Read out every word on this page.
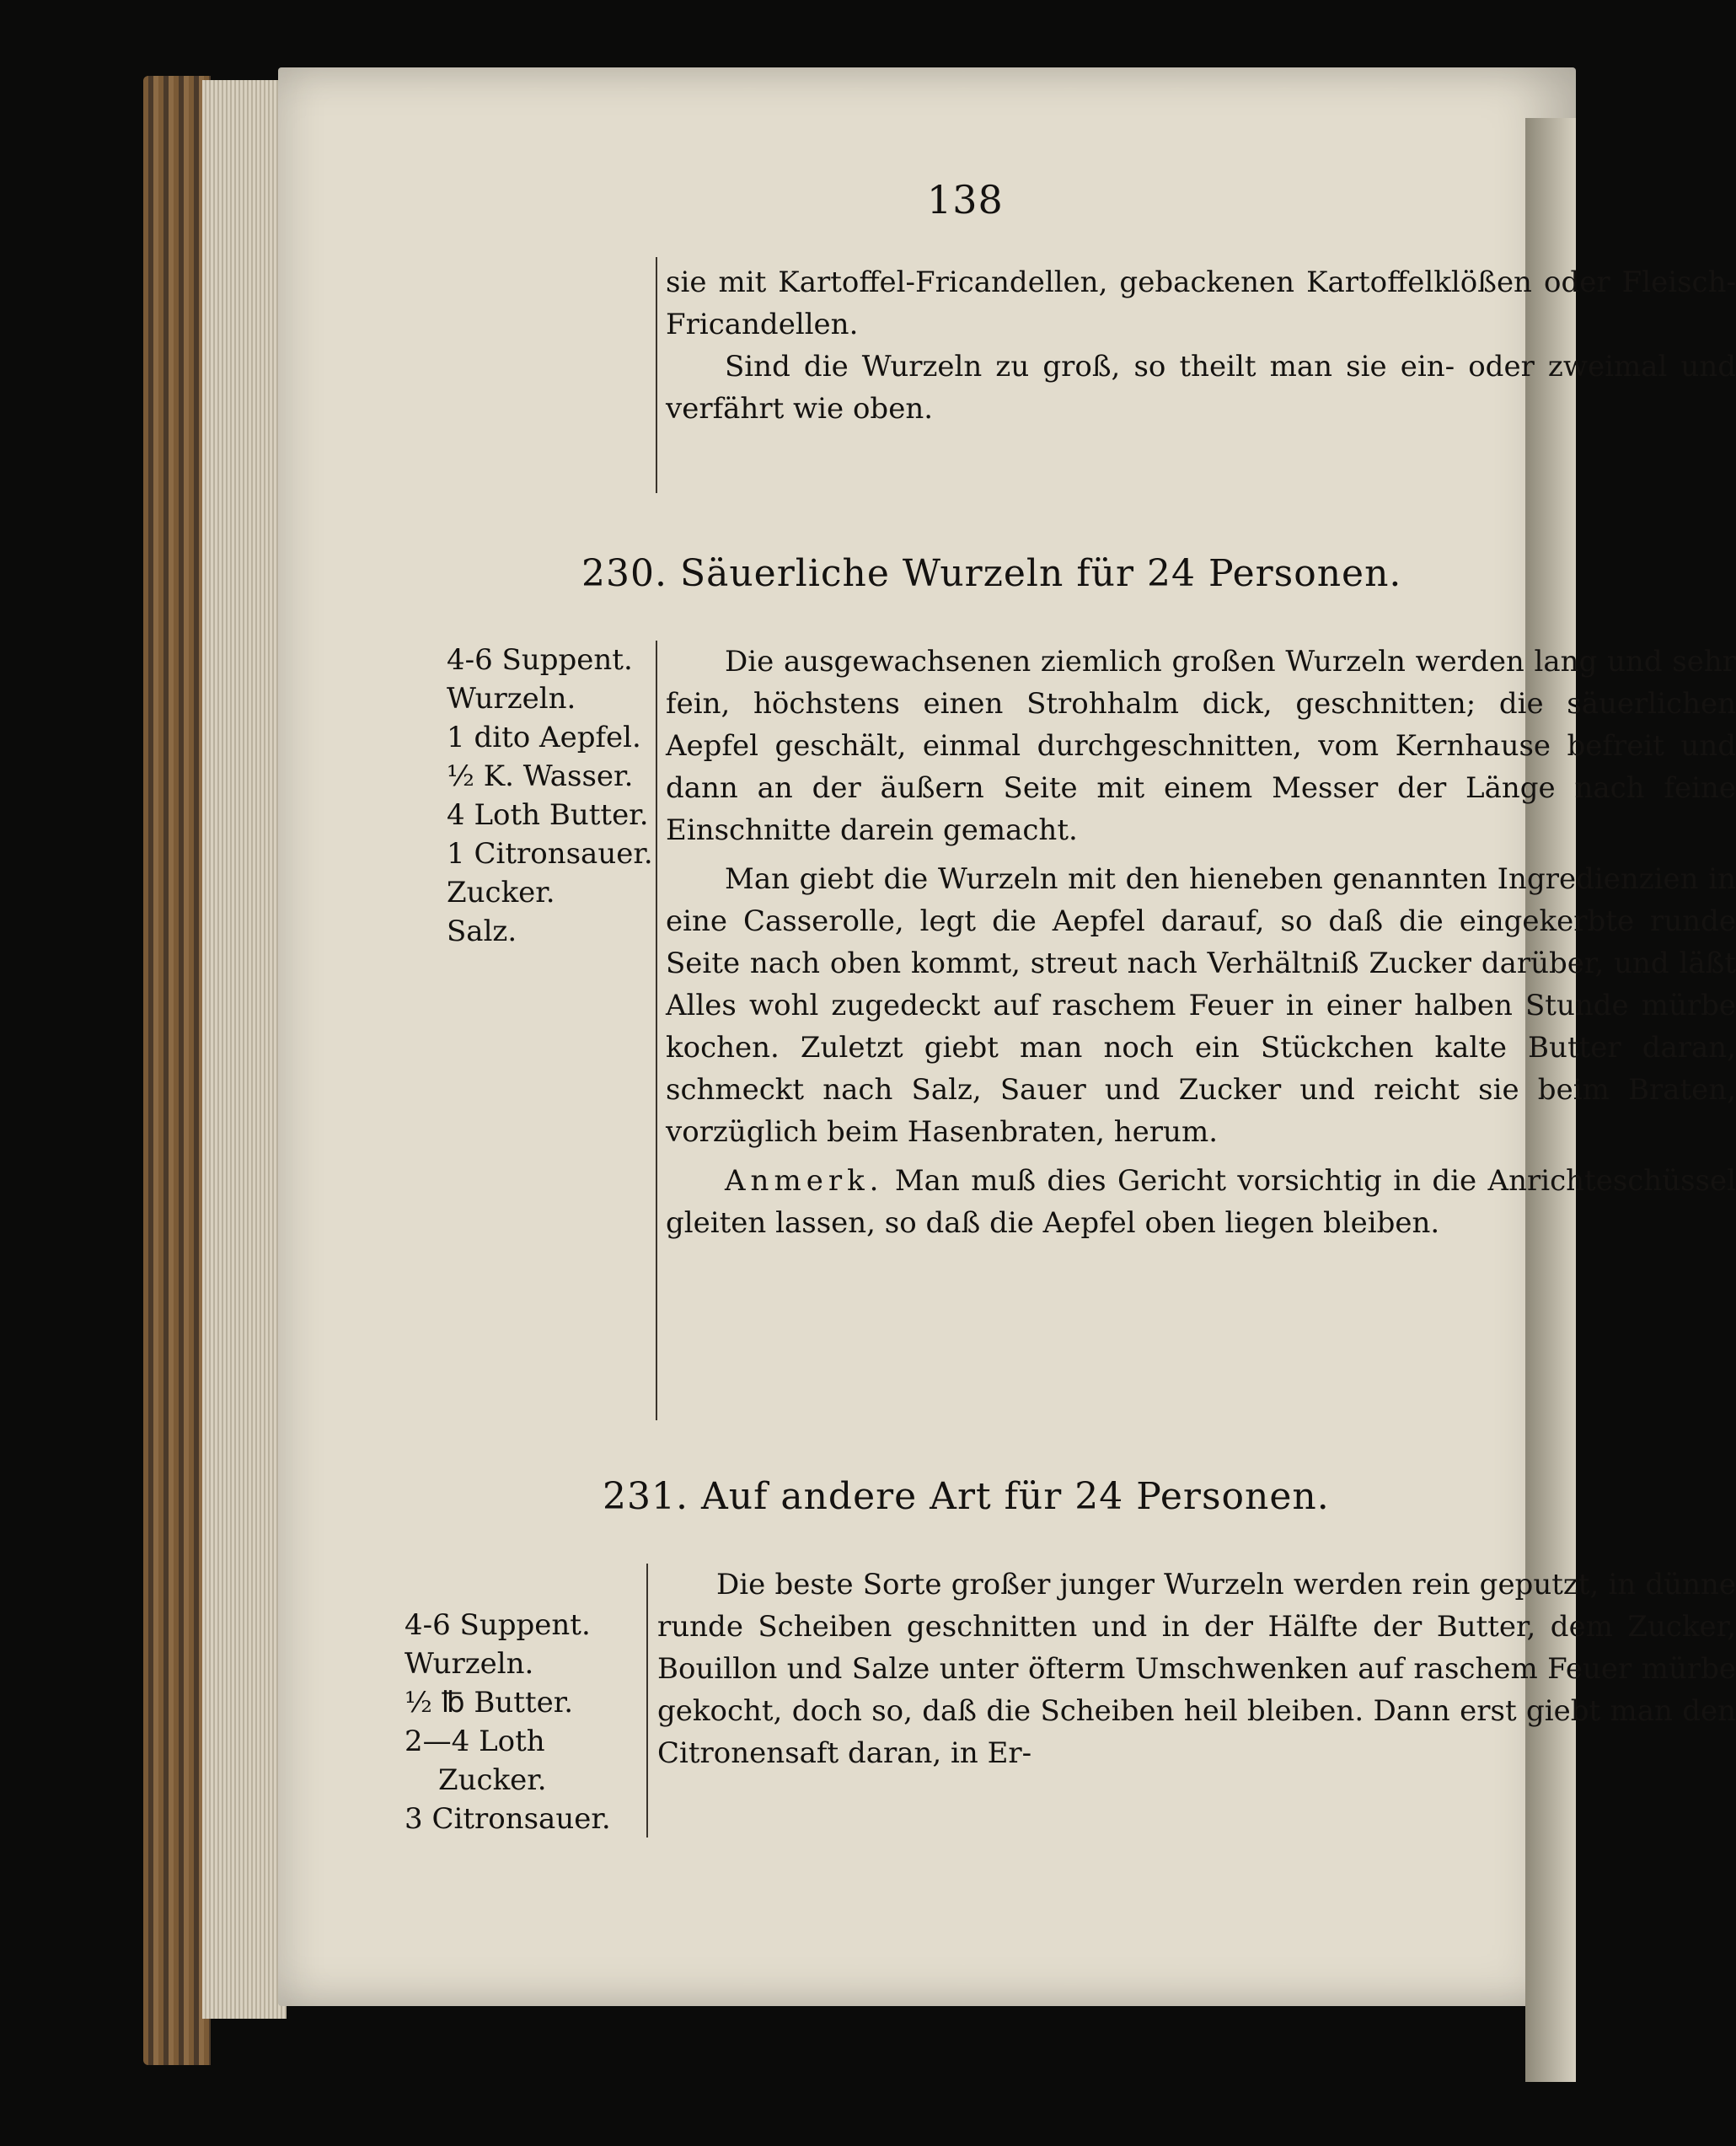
138

sie mit Kartoffel-Fricandellen, gebackenen Kartoffelklößen oder Fleisch-Fricandellen.

Sind die Wurzeln zu groß, so theilt man sie ein- oder zweimal und verfährt wie oben.

230. Säuerliche Wurzeln für 24 Personen.
4-6 Suppent.
Wurzeln.
1 dito Aepfel.
½ K. Wasser.
4 Loth Butter.
1 Citronsauer.
Zucker.
Salz.

Die ausgewachsenen ziemlich großen Wurzeln werden lang und sehr fein, höchstens einen Strohhalm dick, geschnitten; die säuerlichen Aepfel geschält, einmal durchgeschnitten, vom Kernhause befreit und dann an der äußern Seite mit einem Messer der Länge nach feine Einschnitte darein gemacht.

Man giebt die Wurzeln mit den hieneben genannten Ingredienzien in eine Casserolle, legt die Aepfel darauf, so daß die eingekerbte runde Seite nach oben kommt, streut nach Verhältniß Zucker darüber, und läßt Alles wohl zugedeckt auf raschem Feuer in einer halben Stunde mürbe kochen. Zuletzt giebt man noch ein Stückchen kalte Butter daran, schmeckt nach Salz, Sauer und Zucker und reicht sie beim Braten, vorzüglich beim Hasenbraten, herum.

Anmerk. Man muß dies Gericht vorsichtig in die Anrichteschüssel gleiten lassen, so daß die Aepfel oben liegen bleiben.

231. Auf andere Art für 24 Personen.
4-6 Suppent.
Wurzeln.
½ ℔ Butter.
2—4 Loth
Zucker.
3 Citronsauer.

Die beste Sorte großer junger Wurzeln werden rein geputzt, in dünne runde Scheiben geschnitten und in der Hälfte der Butter, dem Zucker, Bouillon und Salze unter öfterm Umschwenken auf raschem Feuer mürbe gekocht, doch so, daß die Scheiben heil bleiben. Dann erst giebt man den Citronensaft daran, in Er-
